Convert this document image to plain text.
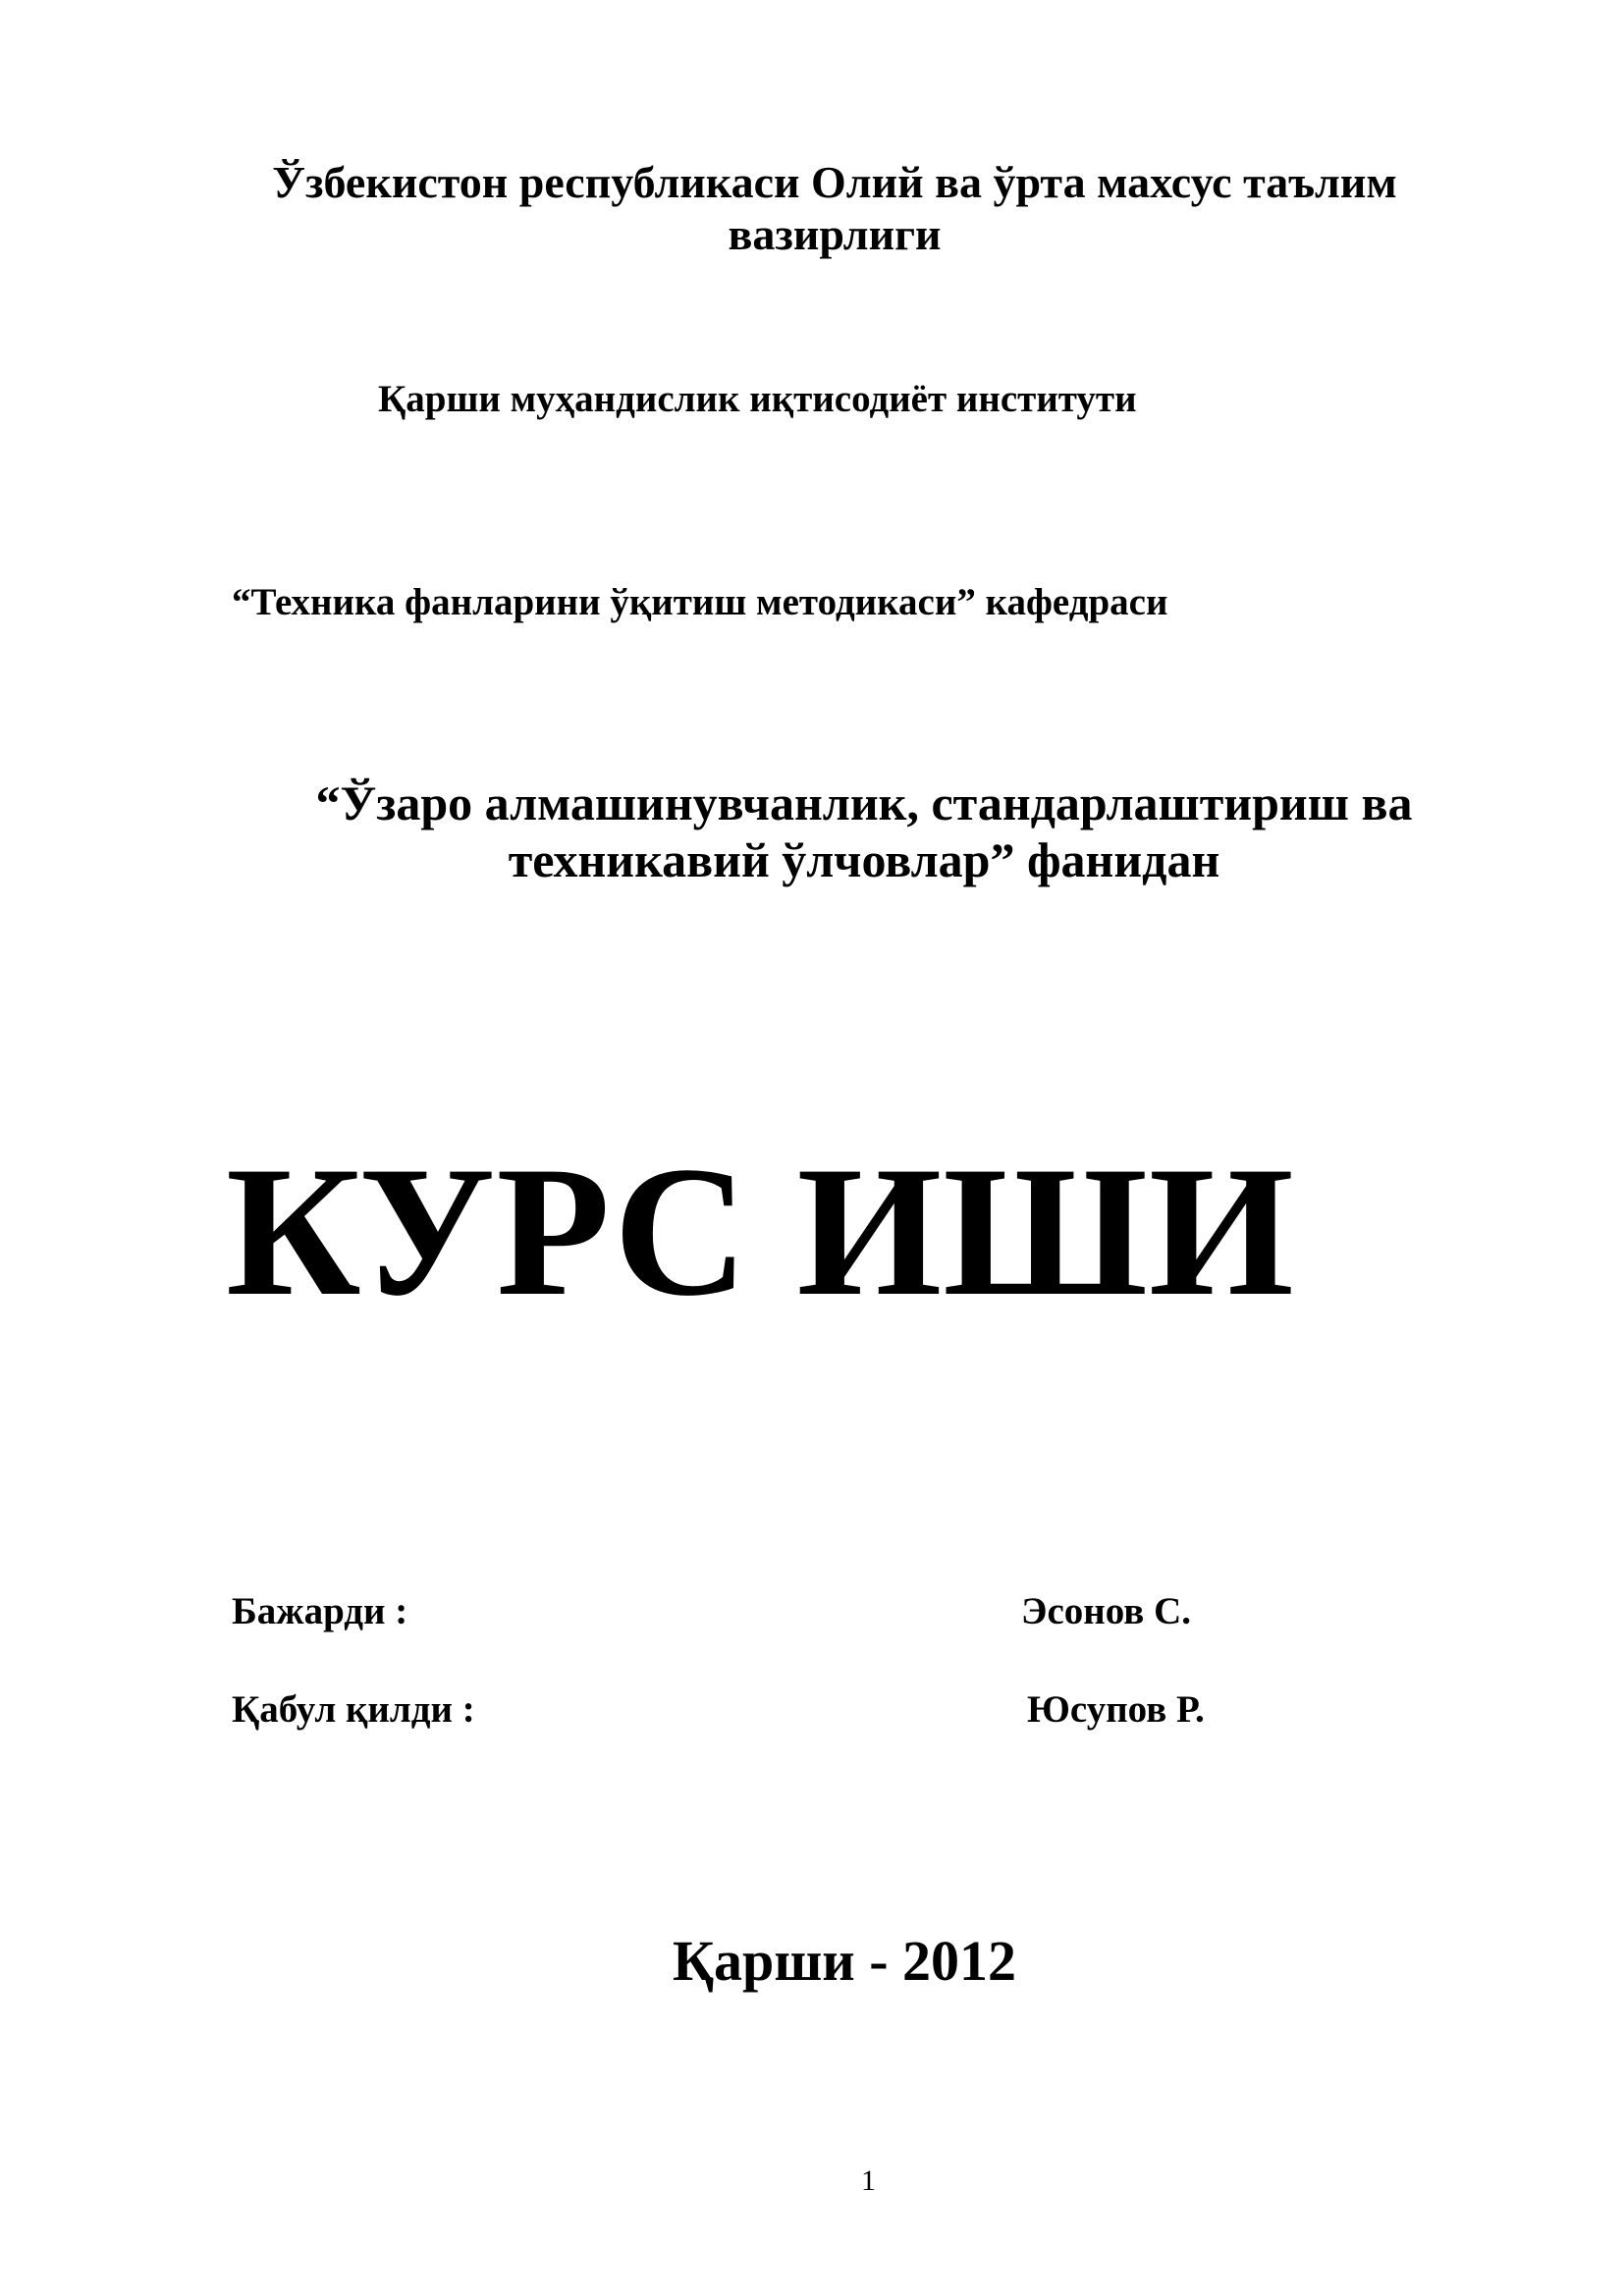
Ўзбекистон республикаси Олий ва ўрта махсус таълим вазирлиги
Қарши муҳандислик иқтисодиёт институти
“Техника фанларини ўқитиш методикаси” кафедраси
“Ўзаро алмашинувчанлик, стандарлаштириш ва техникавий ўлчовлар” фанидан
КУРС ИШИ
Бажарди :	Эсонов С.
Қабул қилди :	Юсупов Р.
Қарши - 2012
1
